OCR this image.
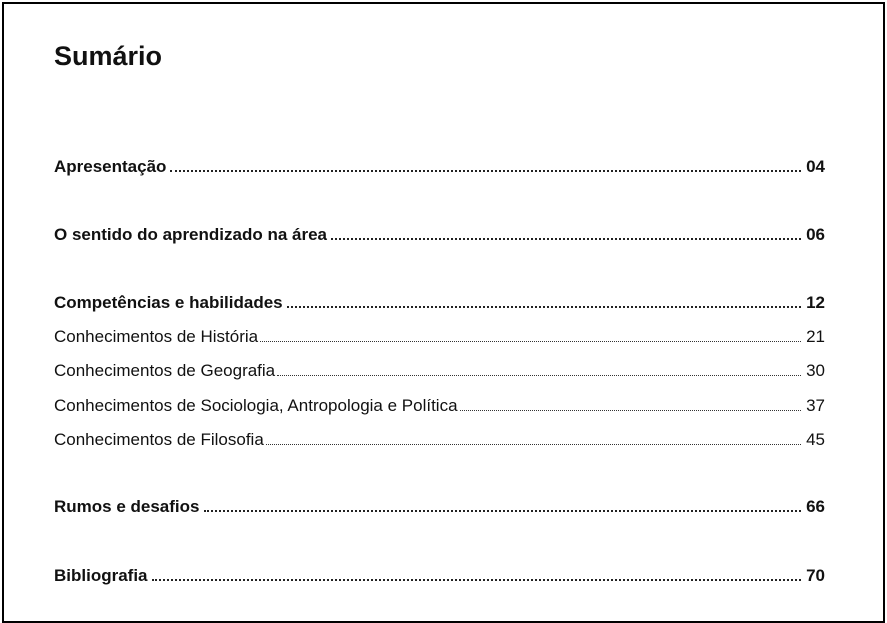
Sumário
Apresentação	04
O sentido do aprendizado na área	06
Competências e habilidades	12
Conhecimentos de História	21
Conhecimentos de Geografia	30
Conhecimentos de Sociologia, Antropologia e Política	37
Conhecimentos de Filosofia	45
Rumos e desafios	66
Bibliografia	70
